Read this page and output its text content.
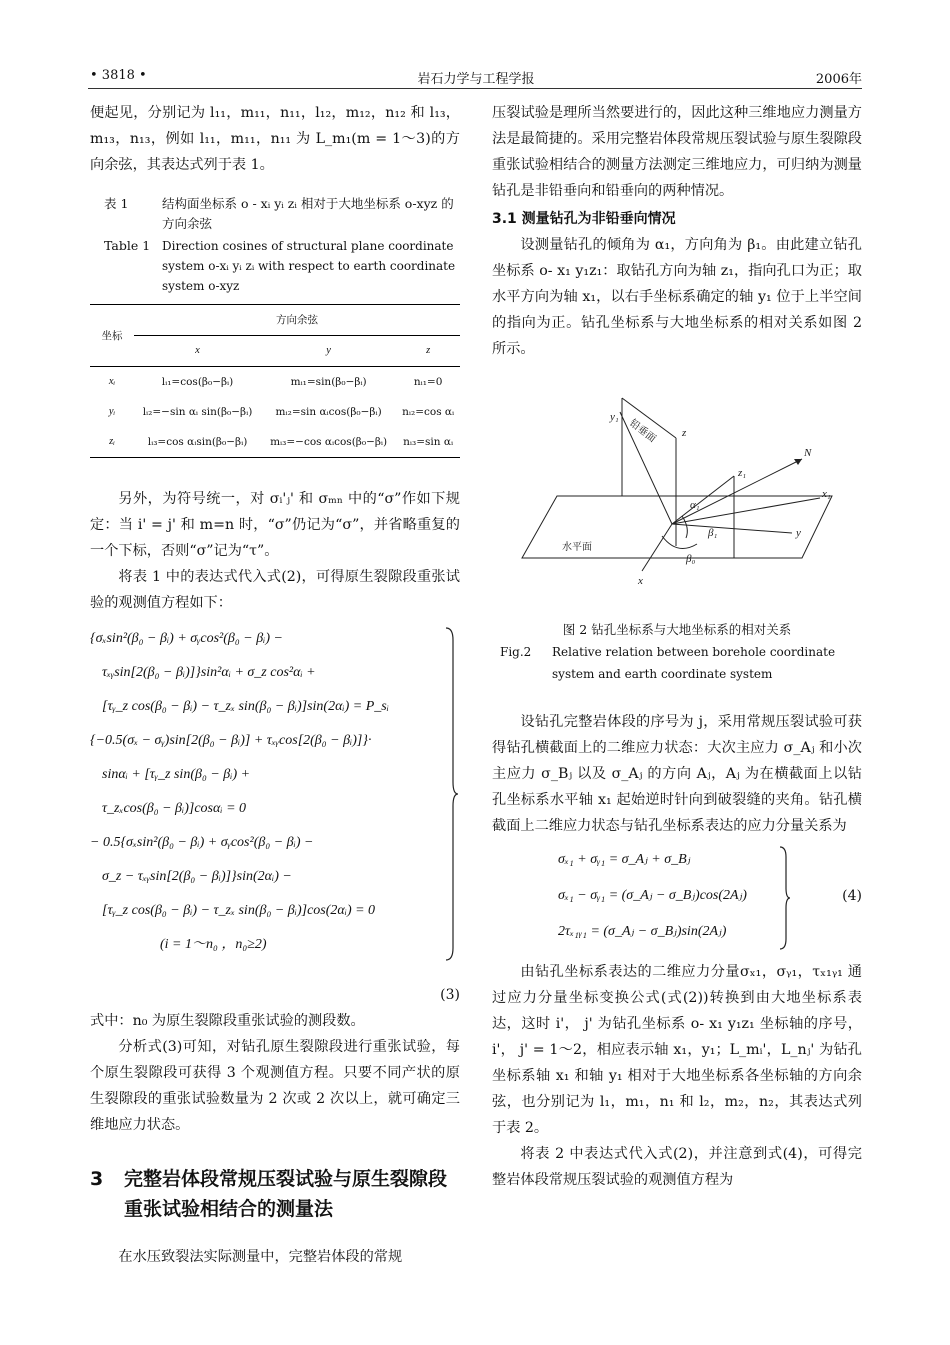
• 3818 •	岩石力学与工程学报	2006年

便起见，分别记为 l₁₁，m₁₁，n₁₁，l₁₂，m₁₂，n₁₂ 和 l₁₃，m₁₃，n₁₃，例如 l₁₁，m₁₁，n₁₁ 为 L_m₁(m = 1～3)的方向余弦，其表达式列于表 1。

表 1	结构面坐标系 o - xᵢ yᵢ zᵢ 相对于大地坐标系 o-xyz 的方向余弦
Table 1 Direction cosines of structural plane coordinate system o-xᵢ yᵢ zᵢ with respect to earth coordinate system o-xyz
坐标	方向余弦		
	x	y	z
xᵢ	lᵢ₁=cos(β₀−βᵢ)	mᵢ₁=sin(β₀−βᵢ)	nᵢ₁=0
yᵢ	lᵢ₂=−sin αᵢ sin(β₀−βᵢ)	mᵢ₂=sin αᵢcos(β₀−βᵢ)	nᵢ₂=cos αᵢ
zᵢ	lᵢ₃=cos αᵢsin(β₀−βᵢ)	mᵢ₃=−cos αᵢcos(β₀−βᵢ)	nᵢ₃=sin αᵢ

另外，为符号统一，对 σᵢ'ⱼ' 和 σₘₙ 中的“σ”作如下规定：当 i' = j' 和 m=n 时，“σ”仍记为“σ”，并省略重复的一个下标，否则“σ”记为“τ”。

将表 1 中的表达式代入式(2)，可得原生裂隙段重张试验的观测值方程如下：

{σₓsin²(β₀ − βᵢ) + σᵧcos²(β₀ − βᵢ) −
τₓᵧsin[2(β₀ − βᵢ)]}sin²αᵢ + σ_z cos²αᵢ +
[τᵧ_z cos(β₀ − βᵢ) − τ_zₓ sin(β₀ − βᵢ)]sin(2αᵢ) = P_sᵢ
{−0.5(σₓ − σᵧ)sin[2(β₀ − βᵢ)] + τₓᵧcos[2(β₀ − βᵢ)]}·
sinαᵢ + [τᵧ_z sin(β₀ − βᵢ) +
τ_zₓcos(β₀ − βᵢ)]cosαᵢ = 0
− 0.5{σₓsin²(β₀ − βᵢ) + σᵧcos²(β₀ − βᵢ) −
σ_z − τₓᵧsin[2(β₀ − βᵢ)]}sin(2αᵢ) −
[τᵧ_z cos(β₀ − βᵢ) − τ_zₓ sin(β₀ − βᵢ)]cos(2αᵢ) = 0
(i = 1～n₀ ，n₀≥2)
(3)

式中：n₀ 为原生裂隙段重张试验的测段数。

分析式(3)可知，对钻孔原生裂隙段进行重张试验，每个原生裂隙段可获得 3 个观测值方程。只要不同产状的原生裂隙段的重张试验数量为 2 次或 2 次以上，就可确定三维地应力状态。

3	完整岩体段常规压裂试验与原生裂隙段重张试验相结合的测量法

在水压致裂法实际测量中，完整岩体段的常规

压裂试验是理所当然要进行的，因此这种三维地应力测量方法是最简捷的。采用完整岩体段常规压裂试验与原生裂隙段重张试验相结合的测量方法测定三维地应力，可归纳为测量钻孔是非铅垂向和铅垂向的两种情况。

3.1 测量钻孔为非铅垂向情况

设测量钻孔的倾角为 α₁，方向角为 β₁。由此建立钻孔坐标系 o- x₁ y₁z₁：取钻孔方向为轴 z₁，指向孔口为正；取水平方向为轴 x₁，以右手坐标系确定的轴 y₁ 位于上半空间的指向为正。钻孔坐标系与大地坐标系的相对关系如图 2 所示。

y₁
z
z₁
N
x₁
y
x
α₁
β₁
β₀
铅垂面
水平面
图 2 钻孔坐标系与大地坐标系的相对关系
Fig.2	Relative relation between borehole coordinate system and earth coordinate system

设钻孔完整岩体段的序号为 j，采用常规压裂试验可获得钻孔横截面上的二维应力状态：大次主应力 σ_Aⱼ 和小次主应力 σ_Bⱼ 以及 σ_Aⱼ 的方向 Aⱼ，Aⱼ 为在横截面上以钻孔坐标系水平轴 x₁ 起始逆时针向到破裂缝的夹角。钻孔横截面上二维应力状态与钻孔坐标系表达的应力分量关系为

σₓ₁ + σᵧ₁ = σ_Aⱼ + σ_Bⱼ
σₓ₁ − σᵧ₁ = (σ_Aⱼ − σ_Bⱼ)cos(2Aⱼ)
2τₓ₁ᵧ₁ = (σ_Aⱼ − σ_Bⱼ)sin(2Aⱼ)
(4)

由钻孔坐标系表达的二维应力分量σₓ₁，σᵧ₁，τₓ₁ᵧ₁ 通过应力分量坐标变换公式(式(2))转换到由大地坐标系表达，这时 i'， j' 为钻孔坐标系 o- x₁ y₁z₁ 坐标轴的序号，i'， j' = 1～2，相应表示轴 x₁，y₁；L_mᵢ'，L_nⱼ' 为钻孔坐标系轴 x₁ 和轴 y₁ 相对于大地坐标系各坐标轴的方向余弦，也分别记为 l₁，m₁，n₁ 和 l₂，m₂，n₂，其表达式列于表 2。

将表 2 中表达式代入式(2)，并注意到式(4)，可得完整岩体段常规压裂试验的观测值方程为
